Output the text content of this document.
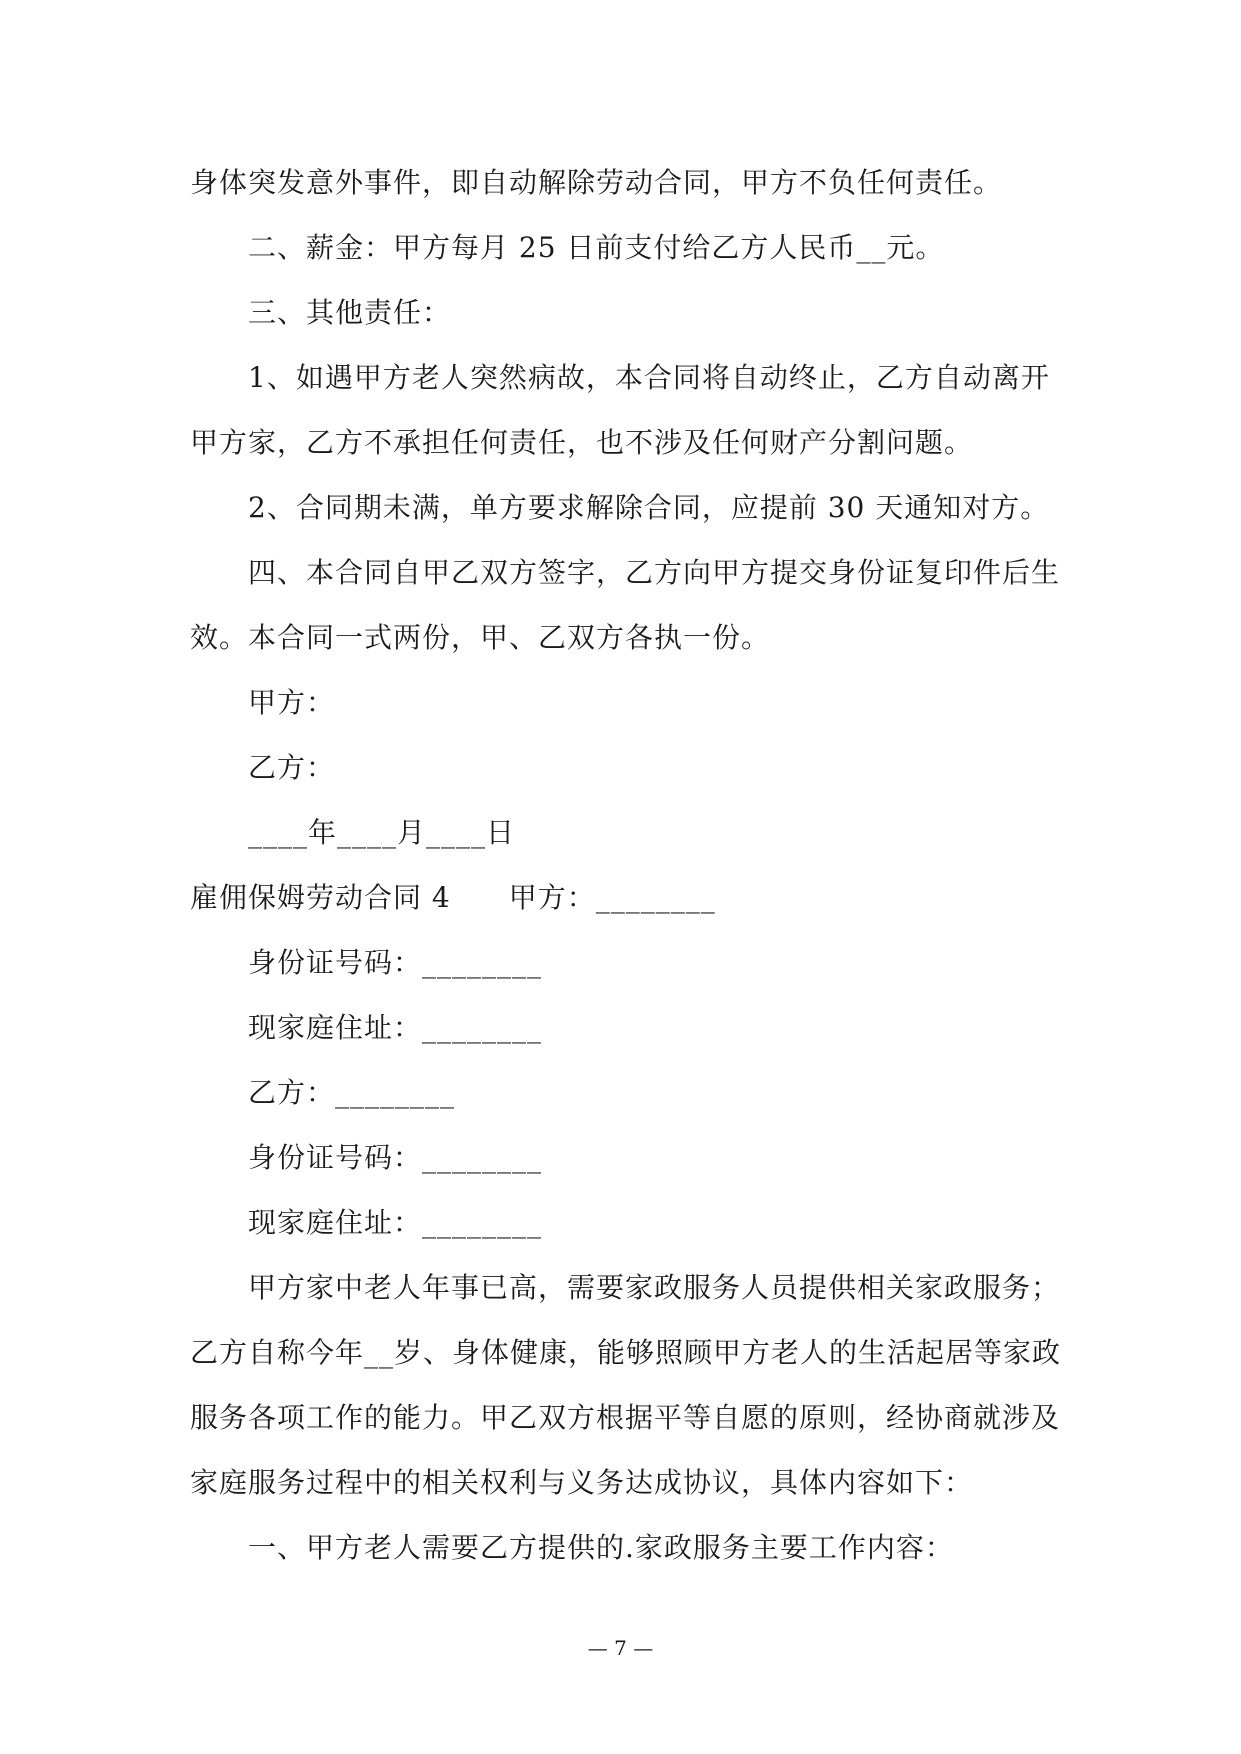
身体突发意外事件，即自动解除劳动合同，甲方不负任何责任。
二、薪金：甲方每月 25 日前支付给乙方人民币__元。
三、其他责任：
1、如遇甲方老人突然病故，本合同将自动终止，乙方自动离开
甲方家，乙方不承担任何责任，也不涉及任何财产分割问题。
2、合同期未满，单方要求解除合同，应提前 30 天通知对方。
四、本合同自甲乙双方签字，乙方向甲方提交身份证复印件后生
效。本合同一式两份，甲、乙双方各执一份。
甲方：
乙方：
____年____月____日
雇佣保姆劳动合同 4　　甲方：________
身份证号码：________
现家庭住址：________
乙方：________
身份证号码：________
现家庭住址：________
甲方家中老人年事已高，需要家政服务人员提供相关家政服务；
乙方自称今年__岁、身体健康，能够照顾甲方老人的生活起居等家政
服务各项工作的能力。甲乙双方根据平等自愿的原则，经协商就涉及
家庭服务过程中的相关权利与义务达成协议，具体内容如下：
一、甲方老人需要乙方提供的.家政服务主要工作内容：
— 7 —
